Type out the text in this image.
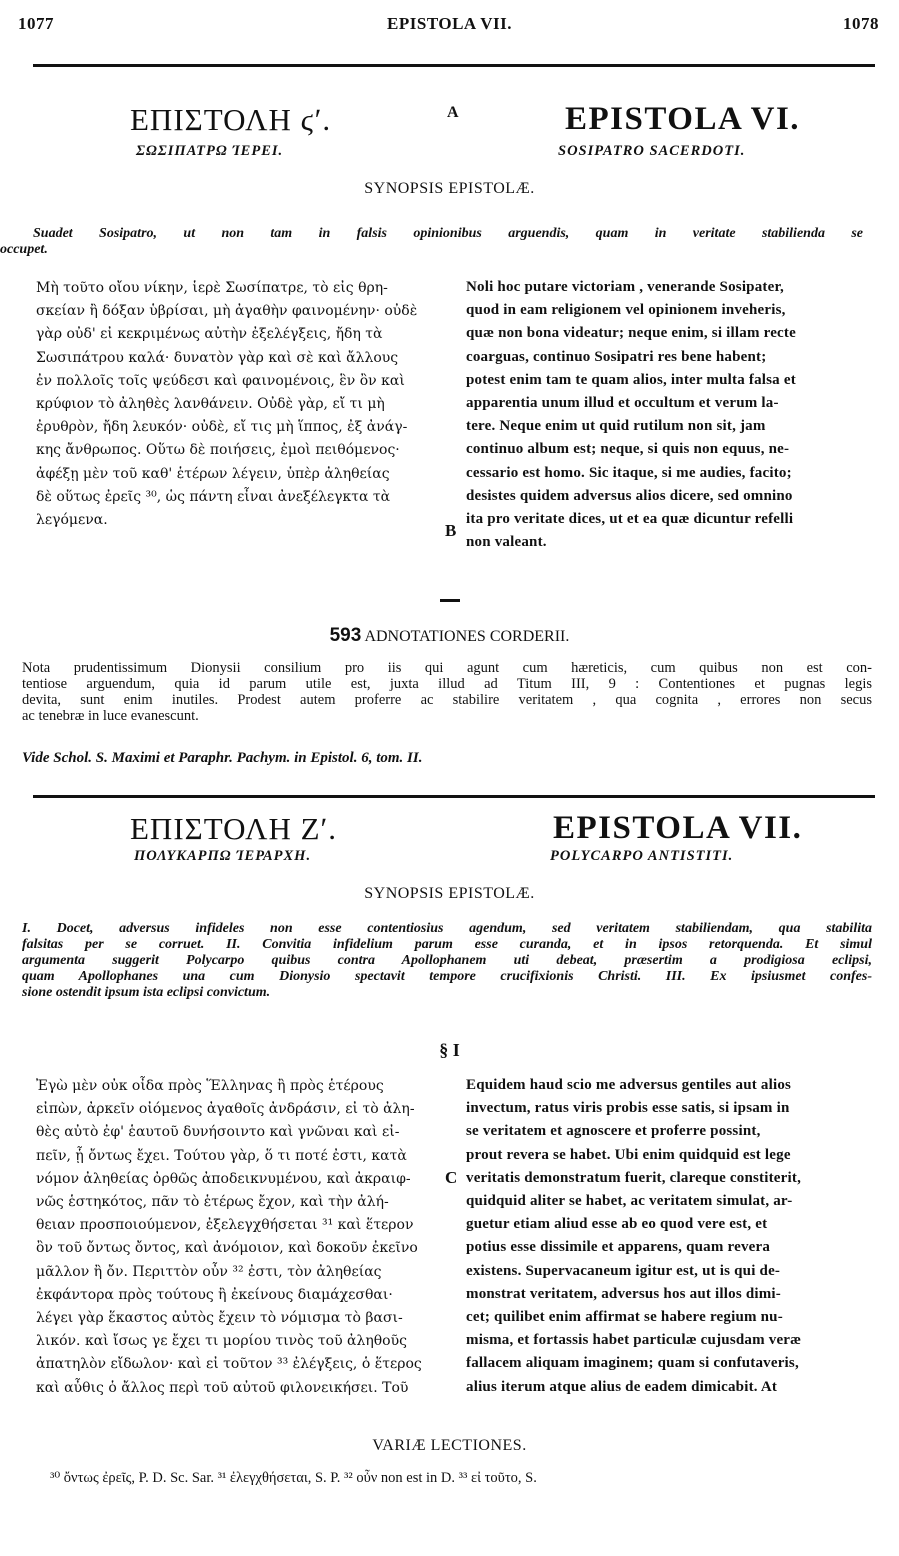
1077	EPISTOLA VII.	1078
ΕΠΙΣΤΟΛΗ ϛʹ.
ΣΩΣΙΠΑΤΡΩ ΊΕΡΕΙ.
A	EPISTOLA VI.
SOSIPATRO SACERDOTI.
SYNOPSIS EPISTOLÆ.
Suadet Sosipatro, ut non tam in falsis opinionibus arguendis, quam in veritate stabilienda se
occupet.
Μὴ τοῦτο οἴου νίκην, ἱερὲ Σωσίπατρε, τὸ εἰς θρη-
σκείαν ἢ δόξαν ὑβρίσαι, μὴ ἀγαθὴν φαινομένην· οὐδὲ
γὰρ οὐδ' εἰ κεκριμένως αὐτὴν ἐξελέγξεις, ἤδη τὰ
Σωσιπάτρου καλά· δυνατὸν γὰρ καὶ σὲ καὶ ἄλλους
ἐν πολλοῖς τοῖς ψεύδεσι καὶ φαινομένοις, ἓν ὂν καὶ
κρύφιον τὸ ἀληθὲς λανθάνειν. Οὐδὲ γὰρ, εἴ τι μὴ
ἐρυθρὸν, ἤδη λευκόν· οὐδὲ, εἴ τις μὴ ἵππος, ἐξ ἀνάγ-
κης ἄνθρωπος. Οὕτω δὲ ποιήσεις, ἐμοὶ πειθόμενος·
ἀφέξῃ μὲν τοῦ καθ' ἑτέρων λέγειν, ὑπὲρ ἀληθείας
δὲ οὕτως ἐρεῖς ³⁰, ὡς πάντη εἶναι ἀνεξέλεγκτα τὰ
λεγόμενα.
B
Noli hoc putare victoriam , venerande Sosipater,
quod in eam religionem vel opinionem inveheris,
quæ non bona videatur; neque enim, si illam recte
coarguas, continuo Sosipatri res bene habent;
potest enim tam te quam alios, inter multa falsa et
apparentia unum illud et occultum et verum la-
tere. Neque enim ut quid rutilum non sit, jam
continuo album est; neque, si quis non equus, ne-
cessario est homo. Sic itaque, si me audies, facito;
desistes quidem adversus alios dicere, sed omnino
ita pro veritate dices, ut et ea quæ dicuntur refelli
non valeant.
593 ADNOTATIONES CORDERII.
Nota prudentissimum Dionysii consilium pro iis qui agunt cum hæreticis, cum quibus non est con-
tentiose arguendum, quia id parum utile est, juxta illud ad Titum III, 9 : Contentiones et pugnas legis
devita, sunt enim inutiles. Prodest autem proferre ac stabilire veritatem , qua cognita , errores non secus
ac tenebræ in luce evanescunt.
Vide Schol. S. Maximi et Paraphr. Pachym. in Epistol. 6, tom. II.
ΕΠΙΣΤΟΛΗ Ζʹ.
ΠΟΛΥΚΑΡΠΩ ΊΕΡΑΡΧΗ.
EPISTOLA VII.
POLYCARPO ANTISTITI.
SYNOPSIS EPISTOLÆ.
I. Docet, adversus infideles non esse contentiosius agendum, sed veritatem stabiliendam, qua stabilita
falsitas per se corruet. II. Convitia infidelium parum esse curanda, et in ipsos retorquenda. Et simul
argumenta suggerit Polycarpo quibus contra Apollophanem uti debeat, præsertim a prodigiosa eclipsi,
quam Apollophanes una cum Dionysio spectavit tempore crucifixionis Christi. III. Ex ipsiusmet confes-
sione ostendit ipsum ista eclipsi convictum.
§ I
Ἐγὼ μὲν οὐκ οἶδα πρὸς Ἕλληνας ἢ πρὸς ἑτέρους
εἰπὼν, ἀρκεῖν οἰόμενος ἀγαθοῖς ἀνδράσιν, εἰ τὸ ἀλη-
θὲς αὐτὸ ἐφ' ἑαυτοῦ δυνήσοιντο καὶ γνῶναι καὶ εἰ-
πεῖν, ᾗ ὄντως ἔχει. Τούτου γὰρ, ὅ τι ποτέ ἐστι, κατὰ
νόμον ἀληθείας ὀρθῶς ἀποδεικνυμένου, καὶ ἀκραιφ-
νῶς ἑστηκότος, πᾶν τὸ ἑτέρως ἔχον, καὶ τὴν ἀλή-
θειαν προσποιούμενον, ἐξελεγχθήσεται ³¹ καὶ ἕτερον
ὂν τοῦ ὄντως ὄντος, καὶ ἀνόμοιον, καὶ δοκοῦν ἐκεῖνο
μᾶλλον ἢ ὄν. Περιττὸν οὖν ³² ἐστι, τὸν ἀληθείας
ἐκφάντορα πρὸς τούτους ἢ ἐκείνους διαμάχεσθαι·
λέγει γὰρ ἕκαστος αὐτὸς ἔχειν τὸ νόμισμα τὸ βασι-
λικόν. καὶ ἴσως γε ἔχει τι μορίου τινὸς τοῦ ἀληθοῦς
ἀπατηλὸν εἴδωλον· καὶ εἰ τοῦτον ³³ ἐλέγξεις, ὁ ἕτερος
καὶ αὖθις ὁ ἄλλος περὶ τοῦ αὐτοῦ φιλονεικήσει. Τοῦ
C
Equidem haud scio me adversus gentiles aut alios
invectum, ratus viris probis esse satis, si ipsam in
se veritatem et agnoscere et proferre possint,
prout revera se habet. Ubi enim quidquid est lege
veritatis demonstratum fuerit, clareque constiterit,
quidquid aliter se habet, ac veritatem simulat, ar-
guetur etiam aliud esse ab eo quod vere est, et
potius esse dissimile et apparens, quam revera
existens. Supervacaneum igitur est, ut is qui de-
monstrat veritatem, adversus hos aut illos dimi-
cet; quilibet enim affirmat se habere regium nu-
misma, et fortassis habet particulæ cujusdam veræ
fallacem aliquam imaginem; quam si confutaveris,
alius iterum atque alius de eadem dimicabit. At
VARIÆ LECTIONES.
³⁰ ὄντως ἐρεῖς, P. D. Sc. Sar. ³¹ ἐλεγχθήσεται, S. P. ³² οὖν non est in D. ³³ εἰ τοῦτο, S.
